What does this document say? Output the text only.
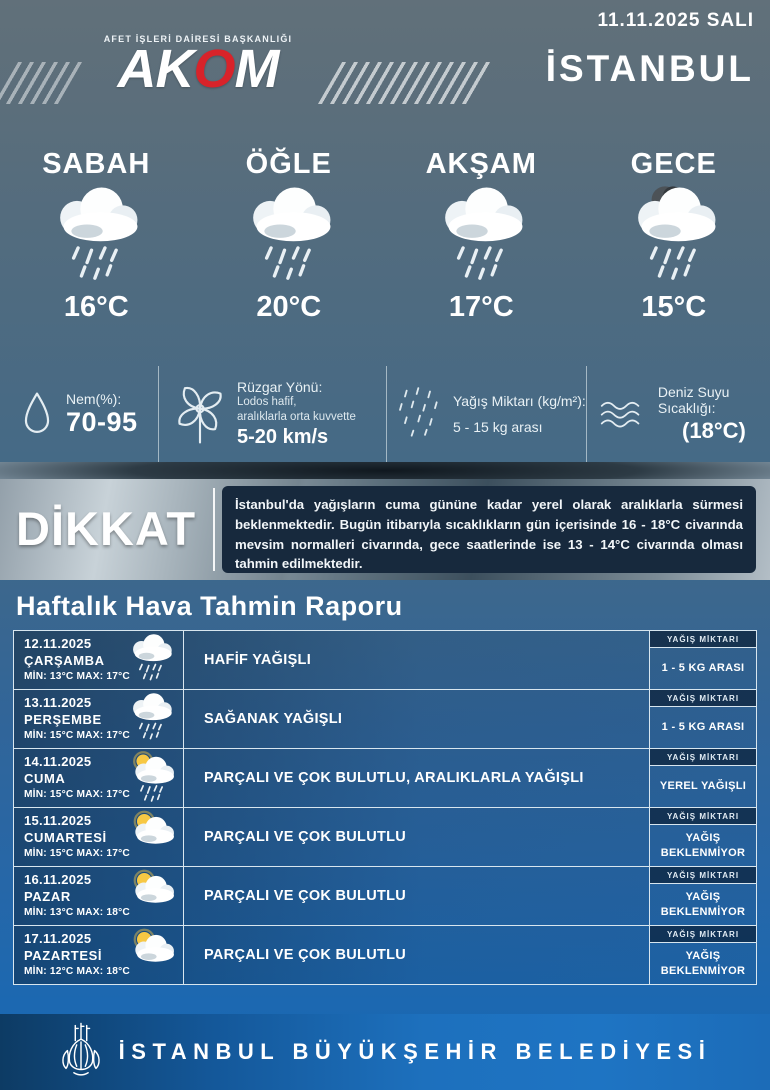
AFET İŞLERİ DAİRESİ BAŞKANLIĞI
AKOM
11.11.2025 SALI
İSTANBUL
SABAH
16°C
ÖĞLE
20°C
AKŞAM
17°C
GECE
15°C
Nem(%):
70-95
Rüzgar Yönü:
Lodos hafif,
aralıklarla orta kuvvette
5-20 km/s
Yağış Miktarı (kg/m²):
5 - 15 kg arası
Deniz Suyu Sıcaklığı:
(18°C)
DİKKAT	İstanbul'da yağışların cuma gününe kadar yerel olarak aralıklarla sürmesi beklenmektedir. Bugün itibarıyla sıcaklıkların gün içerisinde 16 - 18°C civarında mevsim normalleri civarında, gece saatlerinde ise 13 - 14°C civarında olması tahmin edilmektedir.
Haftalık Hava Tahmin Raporu
12.11.2025
ÇARŞAMBA
MİN: 13°C MAX: 17°C
HAFİF YAĞIŞLI
YAĞIŞ MİKTARI
1 - 5 KG ARASI
13.11.2025
PERŞEMBE
MİN: 15°C MAX: 17°C
SAĞANAK YAĞIŞLI
YAĞIŞ MİKTARI
1 - 5 KG ARASI
14.11.2025
CUMA
MİN: 15°C MAX: 17°C
PARÇALI VE ÇOK BULUTLU, ARALIKLARLA YAĞIŞLI
YAĞIŞ MİKTARI
YEREL YAĞIŞLI
15.11.2025
CUMARTESİ
MİN: 15°C MAX: 17°C
PARÇALI VE ÇOK BULUTLU
YAĞIŞ MİKTARI
YAĞIŞ BEKLENMİYOR
16.11.2025
PAZAR
MİN: 13°C MAX: 18°C
PARÇALI VE ÇOK BULUTLU
YAĞIŞ MİKTARI
YAĞIŞ BEKLENMİYOR
17.11.2025
PAZARTESİ
MİN: 12°C MAX: 18°C
PARÇALI VE ÇOK BULUTLU
YAĞIŞ MİKTARI
YAĞIŞ BEKLENMİYOR
İSTANBUL BÜYÜKŞEHİR BELEDİYESİ
